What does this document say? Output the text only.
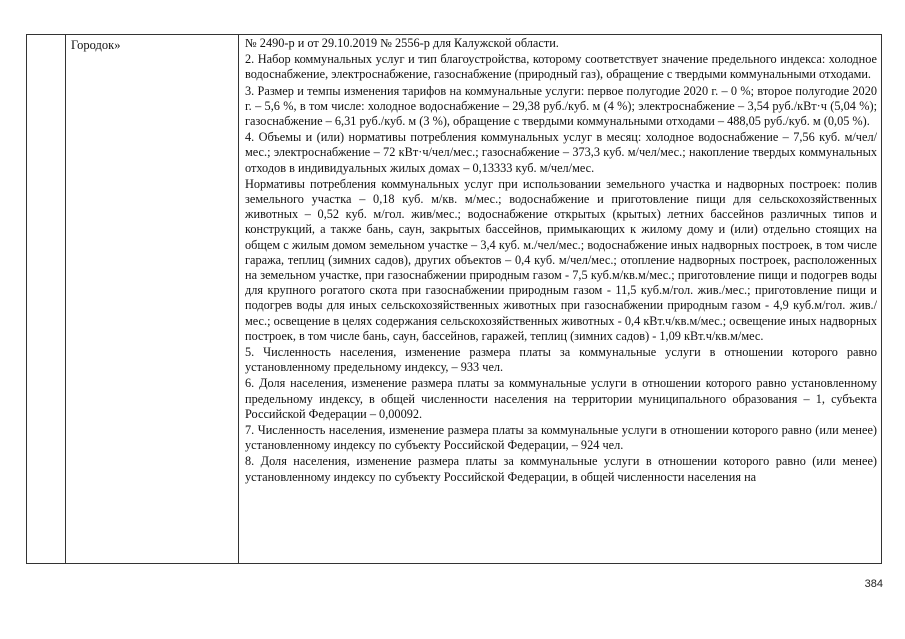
Городок»	№ 2490-р и от 29.10.2019 № 2556-р для Калужской области.

2. Набор коммунальных услуг и тип благоустройства, которому соответствует значение предельного индекса: холодное водоснабжение, электроснабжение, газоснабжение (природный газ), обращение с твердыми коммунальными отходами.

3. Размер и темпы изменения тарифов на коммунальные услуги: первое полугодие 2020 г. – 0 %; второе полугодие 2020 г. – 5,6 %, в том числе: холодное водоснабжение – 29,38 руб./куб. м (4 %); электроснабжение – 3,54 руб./кВт·ч (5,04 %); газоснабжение – 6,31 руб./куб. м (3 %), обращение с твердыми коммунальными отходами – 488,05 руб./куб. м (0,05 %).

4. Объемы и (или) нормативы потребления коммунальных услуг в месяц: холодное водоснабжение – 7,56 куб. м/чел/мес.; электроснабжение – 72 кВт·ч/чел/мес.; газоснабжение – 373,3 куб. м/чел/мес.; накопление твердых коммунальных отходов в индивидуальных жилых домах – 0,13333 куб. м/чел/мес.

Нормативы потребления коммунальных услуг при использовании земельного участка и надворных построек: полив земельного участка – 0,18 куб. м/кв. м/мес.; водоснабжение и приготовление пищи для сельскохозяйственных животных – 0,52 куб. м/гол. жив/мес.; водоснабжение открытых (крытых) летних бассейнов различных типов и конструкций, а также бань, саун, закрытых бассейнов, примыкающих к жилому дому и (или) отдельно стоящих на общем с жилым домом земельном участке – 3,4 куб. м./чел/мес.; водоснабжение иных надворных построек, в том числе гаража, теплиц (зимних садов), других объектов – 0,4 куб. м/чел/мес.; отопление надворных построек, расположенных на земельном участке, при газоснабжении природным газом - 7,5 куб.м/кв.м/мес.; приготовление пищи и подогрев воды для крупного рогатого скота при газоснабжении природным газом - 11,5 куб.м/гол. жив./мес.; приготовление пищи и подогрев воды для иных сельскохозяйственных животных при газоснабжении природным газом - 4,9 куб.м/гол. жив./мес.; освещение в целях содержания сельскохозяйственных животных - 0,4 кВт.ч/кв.м/мес.; освещение иных надворных построек, в том числе бань, саун, бассейнов, гаражей, теплиц (зимних садов) - 1,09 кВт.ч/кв.м/мес.

5. Численность населения, изменение размера платы за коммунальные услуги в отношении которого равно установленному предельному индексу, – 933 чел.

6. Доля населения, изменение размера платы за коммунальные услуги в отношении которого равно установленному предельному индексу, в общей численности населения на территории муниципального образования – 1, субъекта Российской Федерации – 0,00092.

7. Численность населения, изменение размера платы за коммунальные услуги в отношении которого равно (или менее) установленному индексу по субъекту Российской Федерации, – 924 чел.

8. Доля населения, изменение размера платы за коммунальные услуги в отношении которого равно (или менее) установленному индексу по субъекту Российской Федерации, в общей численности населения на

384
